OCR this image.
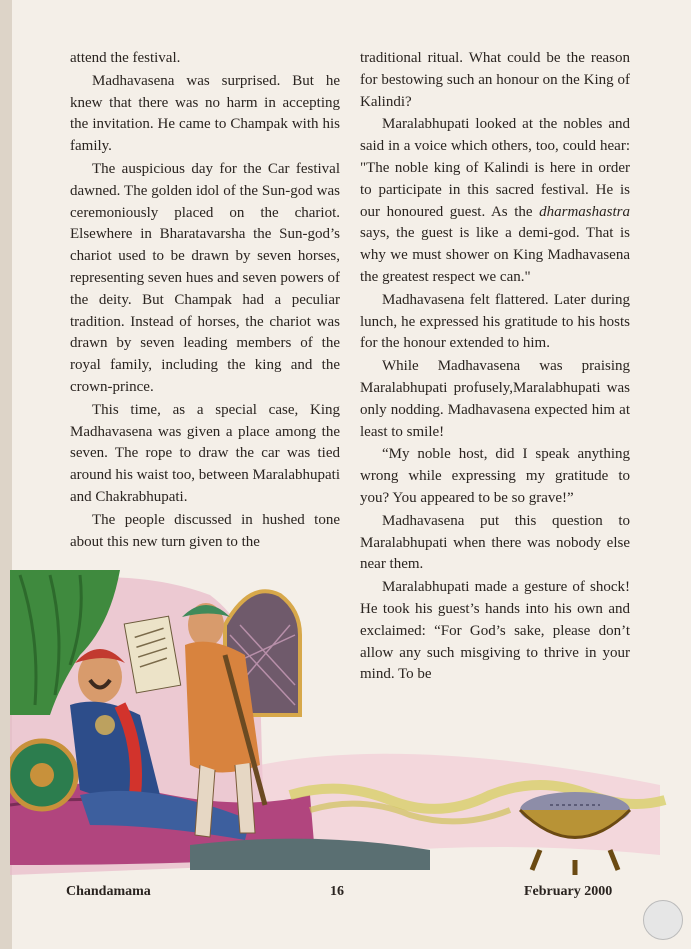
attend the festival.

Madhavasena was surprised. But he knew that there was no harm in accepting the invitation. He came to Champak with his family.

The auspicious day for the Car festival dawned. The golden idol of the Sun-god was ceremoniously placed on the chariot. Elsewhere in Bharatavarsha the Sun-god’s chariot used to be drawn by seven horses, representing seven hues and seven powers of the deity. But Champak had a peculiar tradition. Instead of horses, the chariot was drawn by seven leading members of the royal family, including the king and the crown-prince.

This time, as a special case, King Madhavasena was given a place among the seven. The rope to draw the car was tied around his waist too, between Maralabhupati and Chakrabhupati.

The people discussed in hushed tone about this new turn given to the

traditional ritual. What could be the reason for bestowing such an honour on the King of Kalindi?

Maralabhupati looked at the nobles and said in a voice which others, too, could hear: "The noble king of Kalindi is here in order to participate in this sacred festival. He is our honoured guest. As the dharmashastra says, the guest is like a demi-god. That is why we must shower on King Madhavasena the greatest respect we can."

Madhavasena felt flattered. Later during lunch, he expressed his gratitude to his hosts for the honour extended to him.

While Madhavasena was praising Maralabhupati profusely,Maralabhupati was only nodding. Madhavasena expected him at least to smile!

“My noble host, did I speak anything wrong while expressing my gratitude to you? You appeared to be so grave!”

Madhavasena put this question to Maralabhupati when there was nobody else near them.

Maralabhupati made a gesture of shock! He took his guest’s hands into his own and exclaimed: “For God’s sake, please don’t allow any such misgiving to thrive in your mind. To be

Chandamama	16	February 2000
